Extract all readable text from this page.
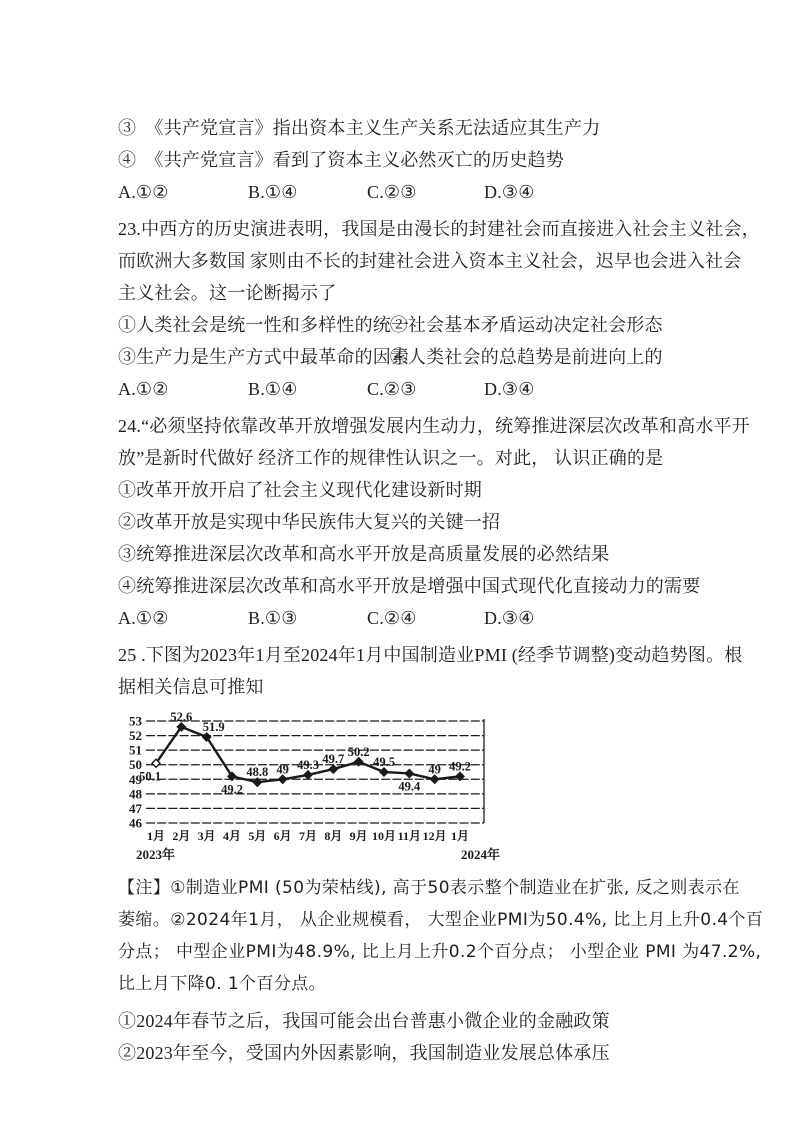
③　《共产党宣言》指出资本主义生产关系无法适应其生产力
④　《共产党宣言》看到了资本主义必然灭亡的历史趋势
A.①②	B.①④	C.②③	D.③④
23.中西方的历史演进表明，我国是由漫长的封建社会而直接进入社会主义社会，
而欧洲大多数国 家则由不长的封建社会进入资本主义社会，迟早也会进入社会
主义社会。这一论断揭示了
①人类社会是统一性和多样性的统一 ②社会基本矛盾运动决定社会形态
③生产力是生产方式中最革命的因素 ④人类社会的总趋势是前进向上的
A.①②	B.①④	C.②③	D.③④
24.“必须坚持依靠改革开放增强发展内生动力，统筹推进深层次改革和高水平开
放”是新时代做好 经济工作的规律性认识之一。对此， 认识正确的是
①改革开放开启了社会主义现代化建设新时期
②改革开放是实现中华民族伟大复兴的关键一招
③统筹推进深层次改革和高水平开放是高质量发展的必然结果
④统筹推进深层次改革和高水平开放是增强中国式现代化直接动力的需要
A.①②	B.①③	C.②④	D.③④
25 .下图为2023年1月至2024年1月中国制造业PMI (经季节调整)变动趋势图。根
据相关信息可推知
53
52
51
50
49
48
47
46
50.1
52.6
51.9
49.2
48.8 49 49.3 49.7
50.2
49.5
49.4
49 49.2
1月 2月 3月 4月 5月 6月 7月 8月 9月 10月 11月 12月 1月
2023年	2024年
【注】①制造业PMI (50为荣枯线), 高于50表示整个制造业在扩张, 反之则表示在
萎缩。②2024年1月， 从企业规模看， 大型企业PMI为50.4%, 比上月上升0.4个百
分点； 中型企业PMI为48.9%, 比上月上升0.2个百分点； 小型企业 PMI 为47.2%,
比上月下降0. 1个百分点。
①2024年春节之后，我国可能会出台普惠小微企业的金融政策
②2023年至今，受国内外因素影响，我国制造业发展总体承压
